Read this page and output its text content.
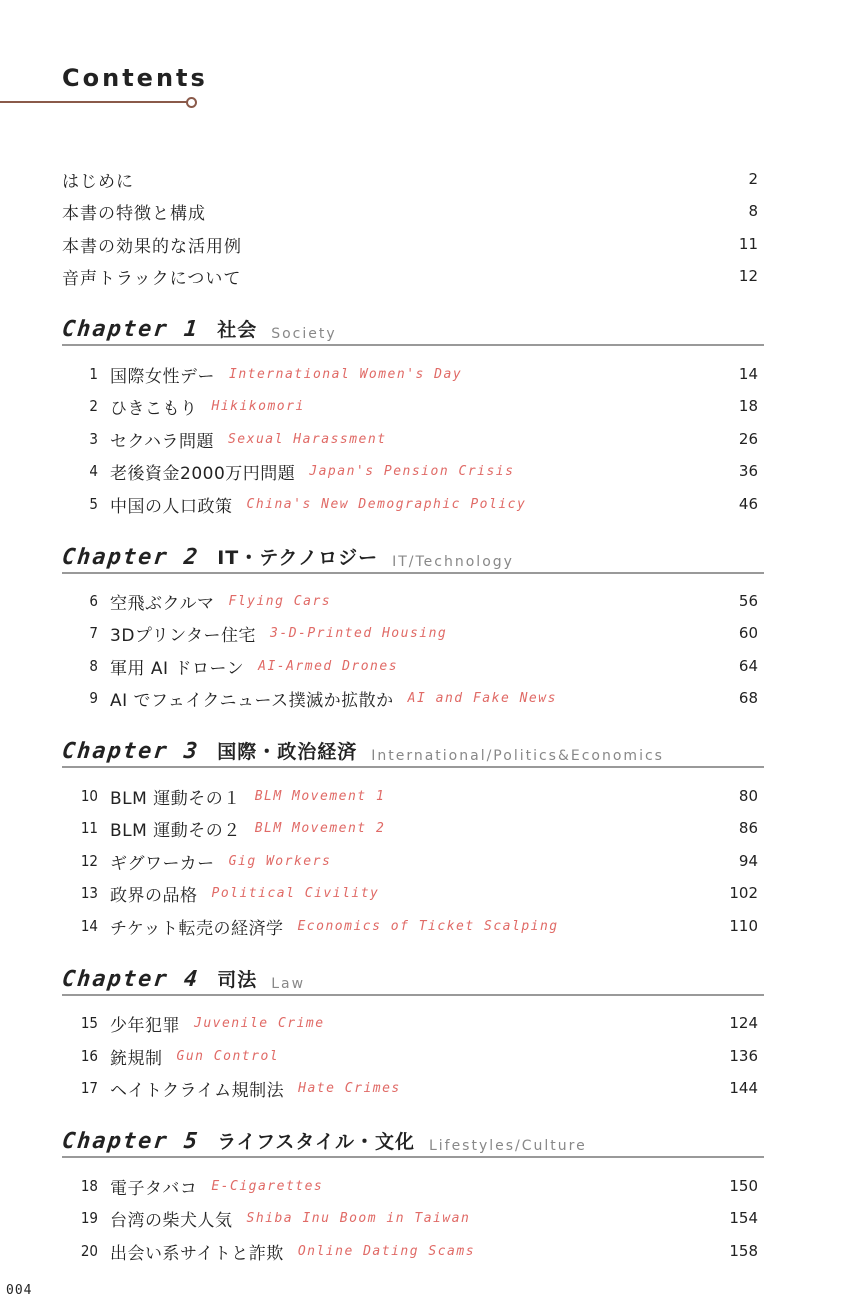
Contents
はじめに	2
本書の特徴と構成	8
本書の効果的な活用例	11
音声トラックについて	12
Chapter 1 社会 Society
1 国際女性デー International Women's Day	14
2 ひきこもり Hikikomori	18
3 セクハラ問題 Sexual Harassment	26
4 老後資金2000万円問題 Japan's Pension Crisis	36
5 中国の人口政策 China's New Demographic Policy	46
Chapter 2 IT・テクノロジー IT/Technology
6 空飛ぶクルマ Flying Cars	56
7 3Dプリンター住宅 3-D-Printed Housing	60
8 軍用 AI ドローン AI-Armed Drones	64
9 AI でフェイクニュース撲滅か拡散か AI and Fake News	68
Chapter 3 国際・政治経済 International/Politics&Economics
10 BLM 運動その１ BLM Movement 1	80
11 BLM 運動その２ BLM Movement 2	86
12 ギグワーカー Gig Workers	94
13 政界の品格 Political Civility	102
14 チケット転売の経済学 Economics of Ticket Scalping	110
Chapter 4 司法 Law
15 少年犯罪 Juvenile Crime	124
16 銃規制 Gun Control	136
17 ヘイトクライム規制法 Hate Crimes	144
Chapter 5 ライフスタイル・文化 Lifestyles/Culture
18 電子タバコ E-Cigarettes	150
19 台湾の柴犬人気 Shiba Inu Boom in Taiwan	154
20 出会い系サイトと詐欺 Online Dating Scams	158
004
